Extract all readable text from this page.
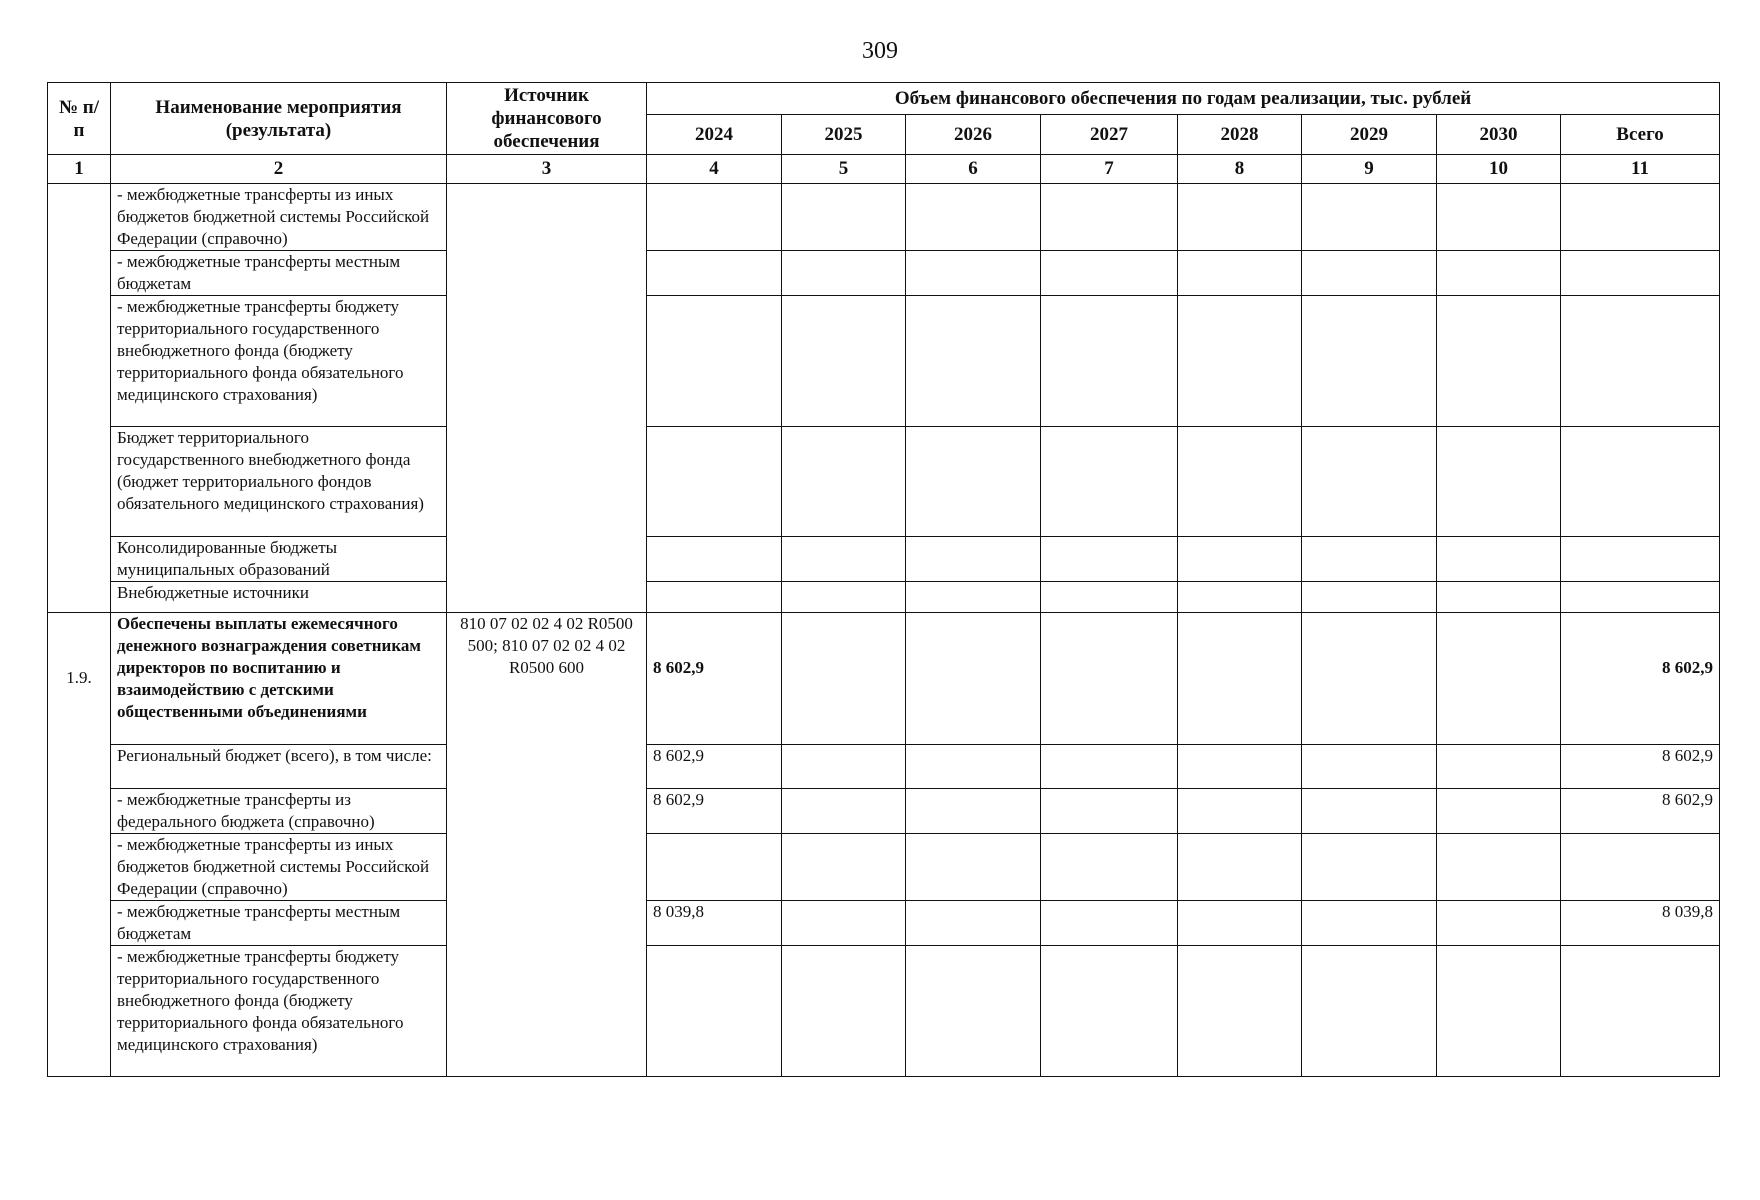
309
№ п/п	Наименование мероприятия (результата)	Источник финансового обеспечения	Объем финансового обеспечения по годам реализации, тыс. рублей							
			2024	2025	2026	2027	2028	2029	2030	Всего
1	2	3	4	5	6	7	8	9	10	11
	- межбюджетные трансферты из иных бюджетов бюджетной системы Российской Федерации (справочно)									
	- межбюджетные трансферты местным бюджетам									
	- межбюджетные трансферты бюджету территориального государственного внебюджетного фонда (бюджету территориального фонда обязательного медицинского страхования)									
	Бюджет территориального государственного внебюджетного фонда (бюджет территориального фондов обязательного медицинского страхования)									
	Консолидированные бюджеты муниципальных образований									
	Внебюджетные источники									
1.9.	Обеспечены выплаты ежемесячного денежного вознаграждения советникам директоров по воспитанию и взаимодействию с детскими общественными объединениями	810 07 02 02 4 02 R0500 500; 810 07 02 02 4 02 R0500 600	8 602,9							8 602,9
	Региональный бюджет (всего), в том числе:		8 602,9							8 602,9
	- межбюджетные трансферты из федерального бюджета (справочно)		8 602,9							8 602,9
	- межбюджетные трансферты из иных бюджетов бюджетной системы Российской Федерации (справочно)									
	- межбюджетные трансферты местным бюджетам		8 039,8							8 039,8
	- межбюджетные трансферты бюджету территориального государственного внебюджетного фонда (бюджету территориального фонда обязательного медицинского страхования)									
